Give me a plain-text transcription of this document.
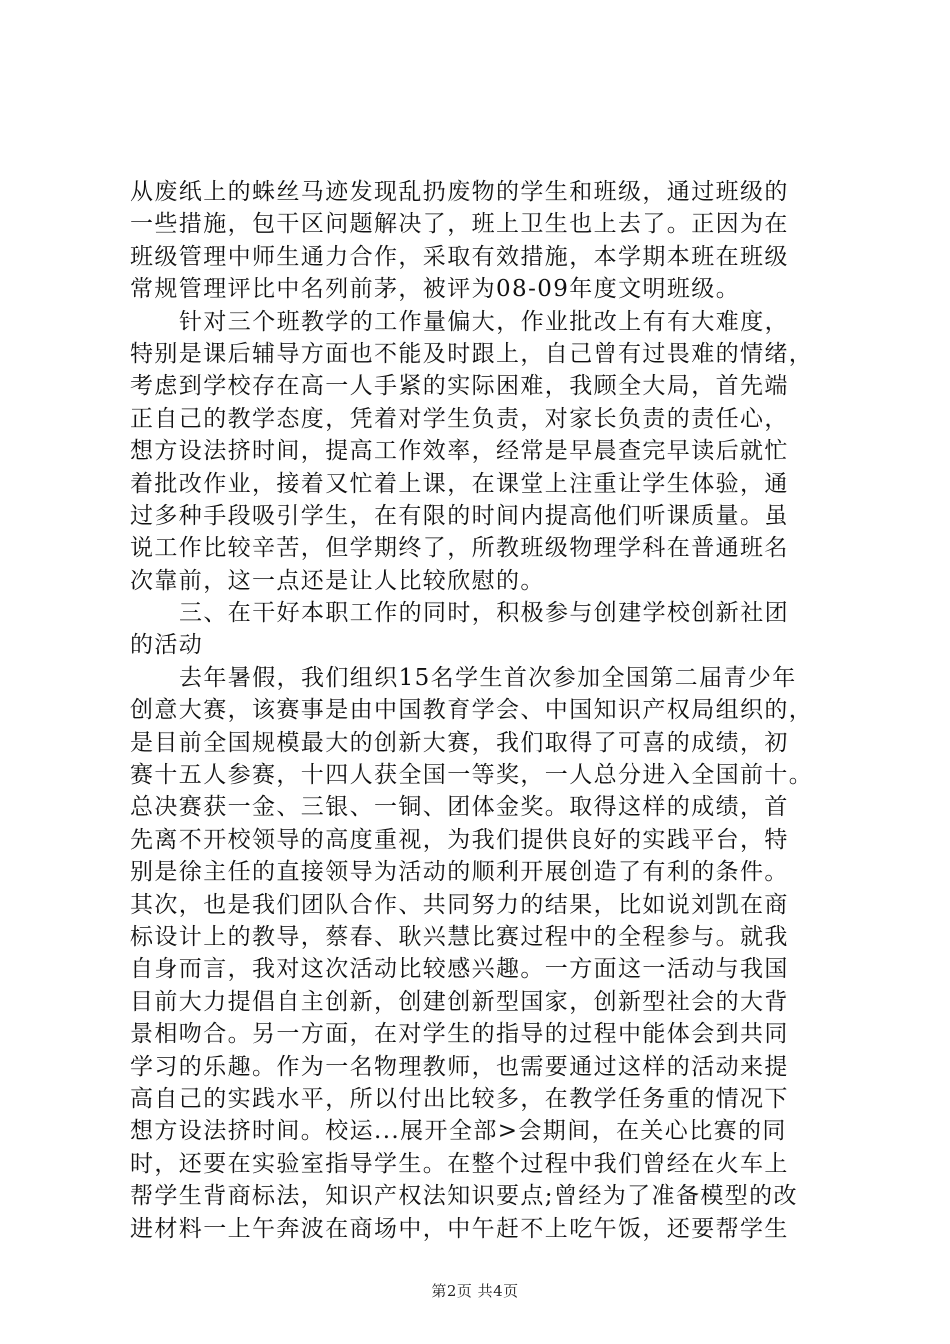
从废纸上的蛛丝马迹发现乱扔废物的学生和班级，通过班级的
一些措施，包干区问题解决了，班上卫生也上去了。正因为在
班级管理中师生通力合作，采取有效措施，本学期本班在班级
常规管理评比中名列前茅，被评为08-09年度文明班级。
针对三个班教学的工作量偏大，作业批改上有有大难度，
特别是课后辅导方面也不能及时跟上，自己曾有过畏难的情绪，
考虑到学校存在高一人手紧的实际困难，我顾全大局，首先端
正自己的教学态度，凭着对学生负责，对家长负责的责任心，
想方设法挤时间，提高工作效率，经常是早晨查完早读后就忙
着批改作业，接着又忙着上课，在课堂上注重让学生体验，通
过多种手段吸引学生，在有限的时间内提高他们听课质量。虽
说工作比较辛苦，但学期终了，所教班级物理学科在普通班名
次靠前，这一点还是让人比较欣慰的。
三、在干好本职工作的同时，积极参与创建学校创新社团
的活动
去年暑假，我们组织15名学生首次参加全国第二届青少年
创意大赛，该赛事是由中国教育学会、中国知识产权局组织的，
是目前全国规模最大的创新大赛，我们取得了可喜的成绩，初
赛十五人参赛，十四人获全国一等奖，一人总分进入全国前十。
总决赛获一金、三银、一铜、团体金奖。取得这样的成绩，首
先离不开校领导的高度重视，为我们提供良好的实践平台，特
别是徐主任的直接领导为活动的顺利开展创造了有利的条件。
其次，也是我们团队合作、共同努力的结果，比如说刘凯在商
标设计上的教导，蔡春、耿兴慧比赛过程中的全程参与。就我
自身而言，我对这次活动比较感兴趣。一方面这一活动与我国
目前大力提倡自主创新，创建创新型国家，创新型社会的大背
景相吻合。另一方面，在对学生的指导的过程中能体会到共同
学习的乐趣。作为一名物理教师，也需要通过这样的活动来提
高自己的实践水平，所以付出比较多，在教学任务重的情况下
想方设法挤时间。校运...展开全部>会期间，在关心比赛的同
时，还要在实验室指导学生。在整个过程中我们曾经在火车上
帮学生背商标法，知识产权法知识要点;曾经为了准备模型的改
进材料一上午奔波在商场中，中午赶不上吃午饭，还要帮学生
第2页 共4页
